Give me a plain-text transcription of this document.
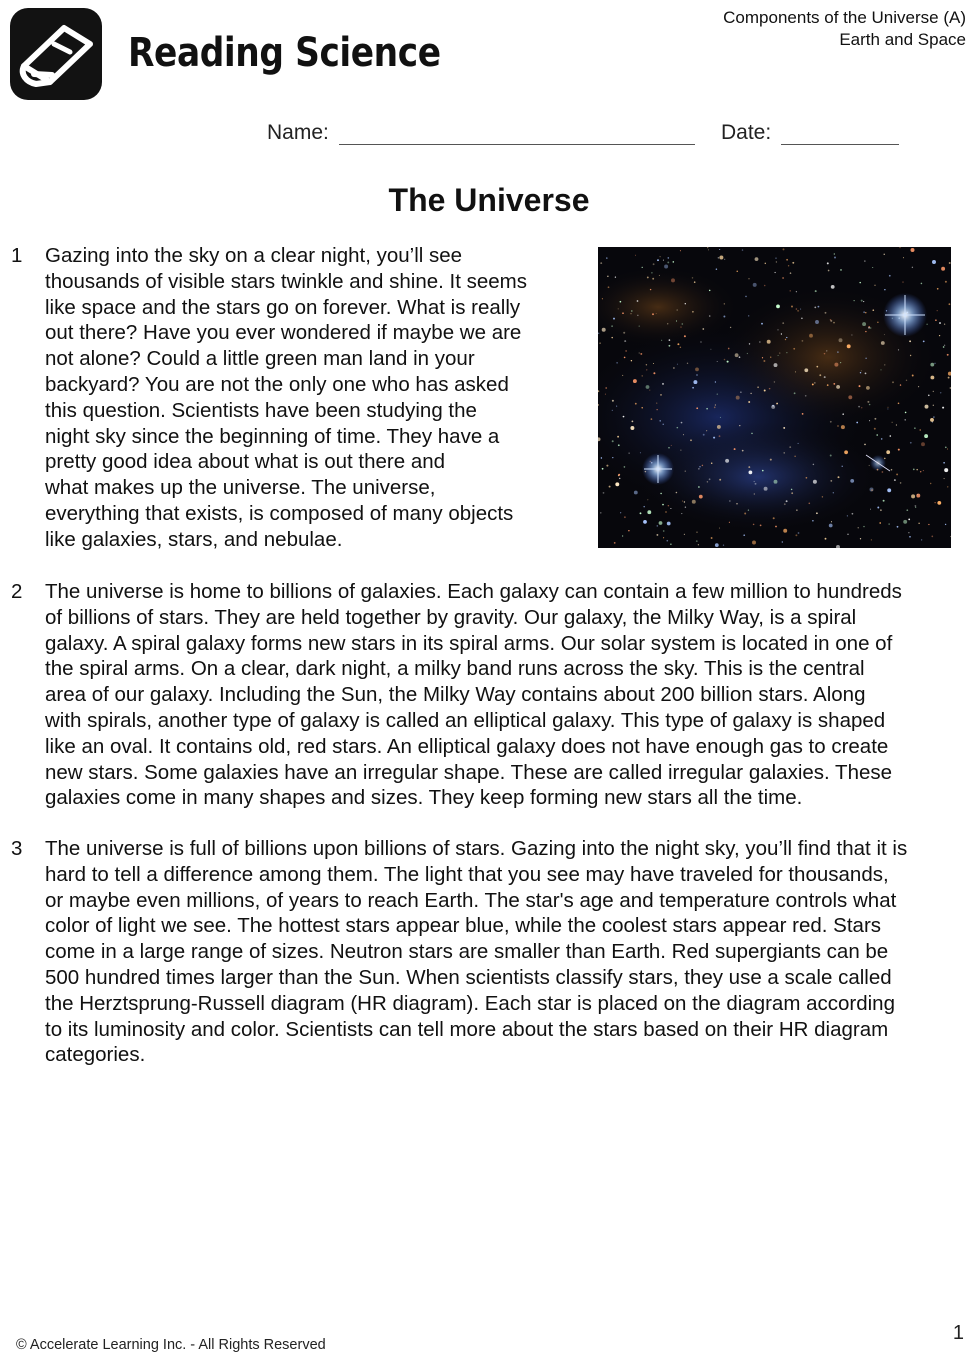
Reading Science
Components of the Universe (A)
Earth and Space
Name:	Date:
The Universe
1 Gazing into the sky on a clear night, you’ll see
thousands of visible stars twinkle and shine. It seems
like space and the stars go on forever. What is really
out there? Have you ever wondered if maybe we are
not alone? Could a little green man land in your
backyard? You are not the only one who has asked
this question. Scientists have been studying the
night sky since the beginning of time. They have a
pretty good idea about what is out there and
what makes up the universe. The universe,
everything that exists, is composed of many objects
like galaxies, stars, and nebulae.
2 The universe is home to billions of galaxies. Each galaxy can contain a few million to hundreds
of billions of stars. They are held together by gravity. Our galaxy, the Milky Way, is a spiral
galaxy. A spiral galaxy forms new stars in its spiral arms. Our solar system is located in one of
the spiral arms. On a clear, dark night, a milky band runs across the sky. This is the central
area of our galaxy. Including the Sun, the Milky Way contains about 200 billion stars. Along
with spirals, another type of galaxy is called an elliptical galaxy. This type of galaxy is shaped
like an oval. It contains old, red stars. An elliptical galaxy does not have enough gas to create
new stars. Some galaxies have an irregular shape. These are called irregular galaxies. These
galaxies come in many shapes and sizes. They keep forming new stars all the time.
3 The universe is full of billions upon billions of stars. Gazing into the night sky, you’ll find that it is
hard to tell a difference among them. The light that you see may have traveled for thousands,
or maybe even millions, of years to reach Earth. The star's age and temperature controls what
color of light we see. The hottest stars appear blue, while the coolest stars appear red. Stars
come in a large range of sizes. Neutron stars are smaller than Earth. Red supergiants can be
500 hundred times larger than the Sun. When scientists classify stars, they use a scale called
the Herztsprung-Russell diagram (HR diagram). Each star is placed on the diagram according
to its luminosity and color. Scientists can tell more about the stars based on their HR diagram
categories.
© Accelerate Learning Inc. - All Rights Reserved
1
